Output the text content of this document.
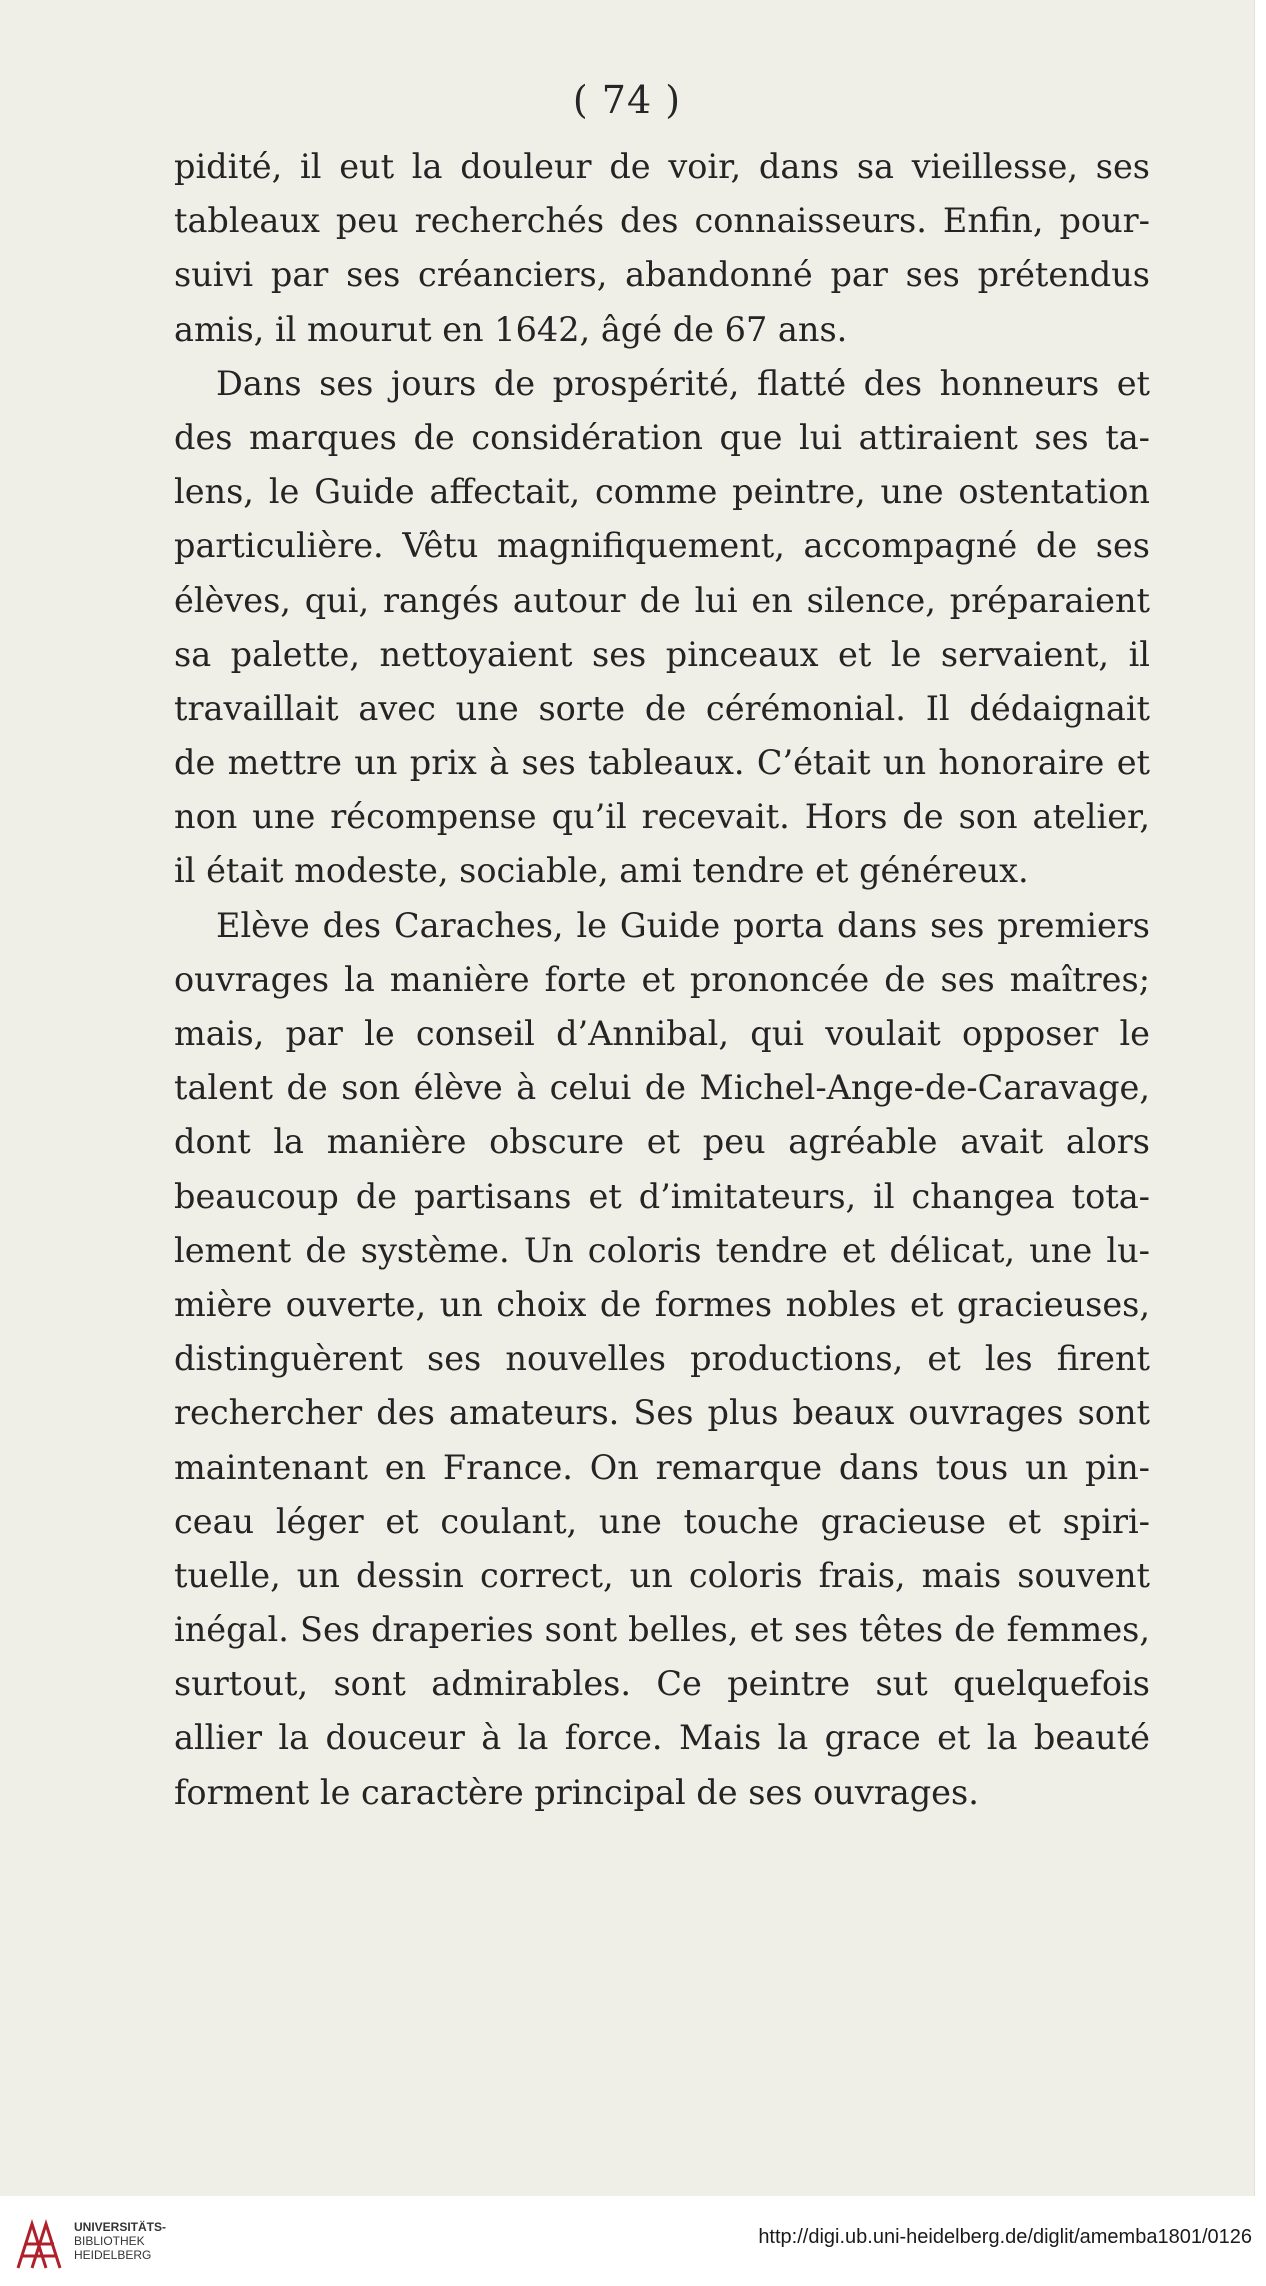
( 74 )
pidité, il eut la douleur de voir, dans sa vieillesse, ses
tableaux peu recherchés des connaisseurs. Enfin, pour-
suivi par ses créanciers, abandonné par ses prétendus
amis, il mourut en 1642, âgé de 67 ans.
Dans ses jours de prospérité, flatté des honneurs et
des marques de considération que lui attiraient ses ta-
lens, le Guide affectait, comme peintre, une ostentation
particulière. Vêtu magnifiquement, accompagné de ses
élèves, qui, rangés autour de lui en silence, préparaient
sa palette, nettoyaient ses pinceaux et le servaient, il
travaillait avec une sorte de cérémonial. Il dédaignait
de mettre un prix à ses tableaux. C’était un honoraire et
non une récompense qu’il recevait. Hors de son atelier,
il était modeste, sociable, ami tendre et généreux.
Elève des Caraches, le Guide porta dans ses premiers
ouvrages la manière forte et prononcée de ses maîtres;
mais, par le conseil d’Annibal, qui voulait opposer le
talent de son élève à celui de Michel-Ange-de-Caravage,
dont la manière obscure et peu agréable avait alors
beaucoup de partisans et d’imitateurs, il changea tota-
lement de système. Un coloris tendre et délicat, une lu-
mière ouverte, un choix de formes nobles et gracieuses,
distinguèrent ses nouvelles productions, et les firent
rechercher des amateurs. Ses plus beaux ouvrages sont
maintenant en France. On remarque dans tous un pin-
ceau léger et coulant, une touche gracieuse et spiri-
tuelle, un dessin correct, un coloris frais, mais souvent
inégal. Ses draperies sont belles, et ses têtes de femmes,
surtout, sont admirables. Ce peintre sut quelquefois
allier la douceur à la force. Mais la grace et la beauté
forment le caractère principal de ses ouvrages.
UNIVERSITÄTS-
BIBLIOTHEK
HEIDELBERG
http://digi.ub.uni-heidelberg.de/diglit/amemba1801/0126
